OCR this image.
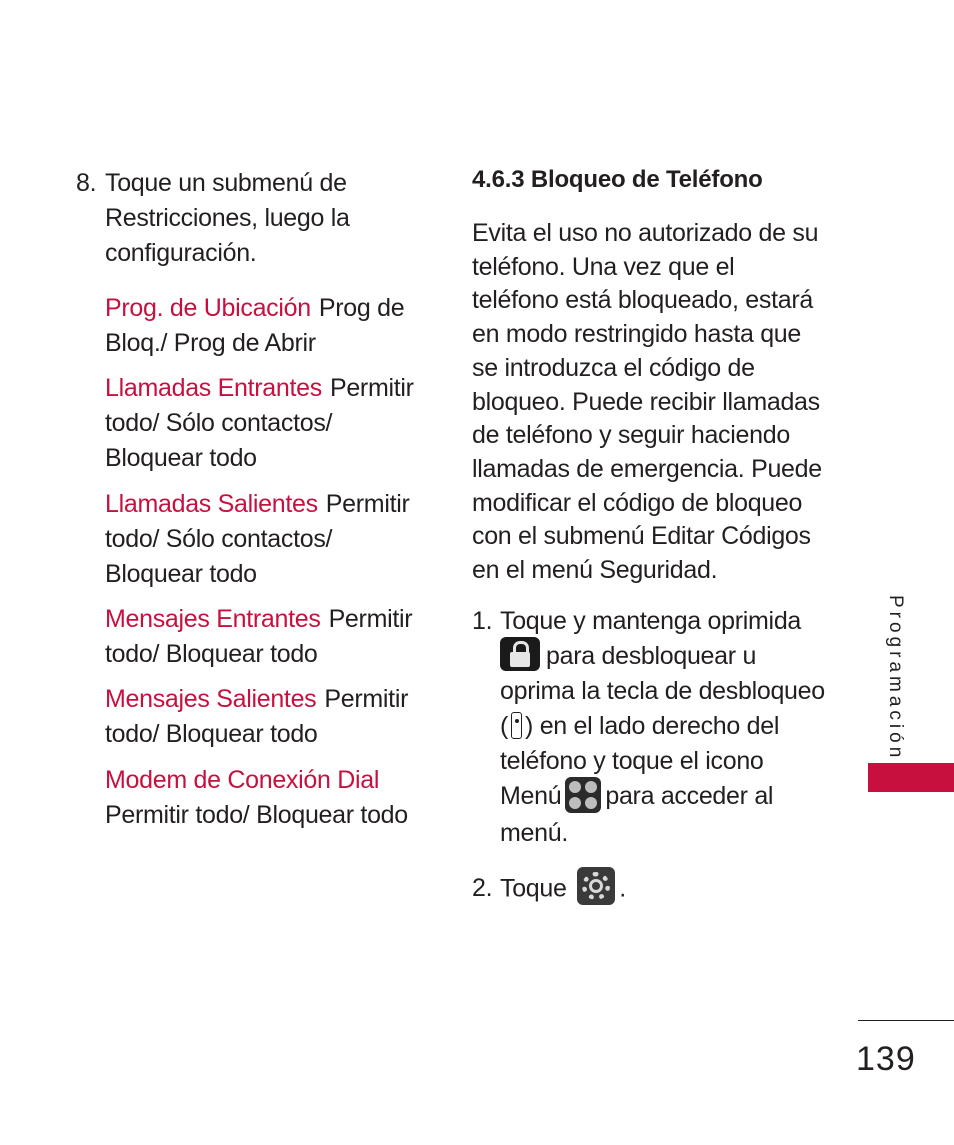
8. Toque un submenú de Restricciones, luego la configuración.
Prog. de Ubicación Prog de Bloq./ Prog de Abrir
Llamadas Entrantes Permitir todo/ Sólo contactos/ Bloquear todo
Llamadas Salientes Permitir todo/ Sólo contactos/ Bloquear todo
Mensajes Entrantes Permitir todo/ Bloquear todo
Mensajes Salientes Permitir todo/ Bloquear todo
Modem de Conexión Dial
Permitir todo/ Bloquear todo
4.6.3 Bloqueo de Teléfono
Evita el uso no autorizado de su teléfono. Una vez que el teléfono está bloqueado, estará en modo restringido hasta que se introduzca el código de bloqueo. Puede recibir llamadas de teléfono y seguir haciendo llamadas de emergencia. Puede modificar el código de bloqueo con el submenú Editar Códigos en el menú Seguridad.
1. Toque y mantenga oprimida

para desbloquear u oprima la tecla de desbloqueo ( ) en el lado derecho del teléfono y toque el icono Menú para acceder al menú.
2. Toque .
Programación
139
